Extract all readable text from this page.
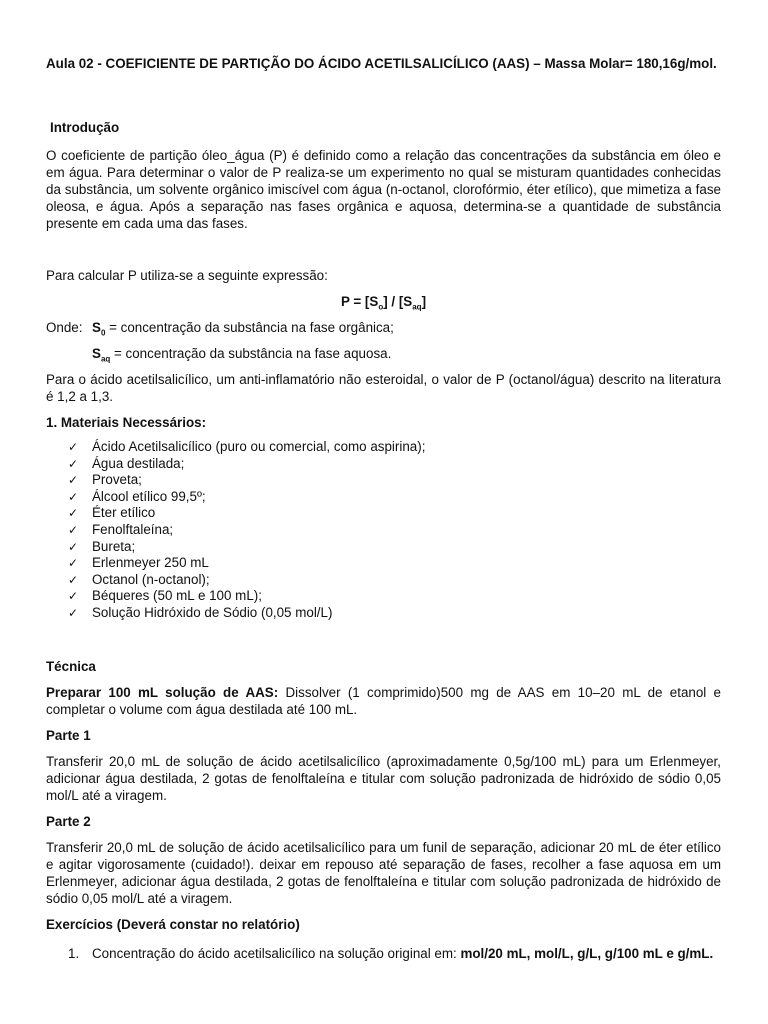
Aula 02 - COEFICIENTE DE PARTIÇÃO DO ÁCIDO ACETILSALICÍLICO (AAS) – Massa Molar= 180,16g/mol.

Introdução

O coeficiente de partição óleo_água (P) é definido como a relação das concentrações da substância em óleo e em água. Para determinar o valor de P realiza-se um experimento no qual se misturam quantidades conhecidas da substância, um solvente orgânico imiscível com água (n-octanol, clorofórmio, éter etílico), que mimetiza a fase oleosa, e água. Após a separação nas fases orgânica e aquosa, determina-se a quantidade de substância presente em cada uma das fases.

Para calcular P utiliza-se a seguinte expressão:

$P = [S_o] / [S_{aq}]$

Onde: $S_0$ = concentração da substância na fase orgânica;

$S_{aq}$ = concentração da substância na fase aquosa.

Para o ácido acetilsalicílico, um anti-inflamatório não esteroidal, o valor de P (octanol/água) descrito na literatura é 1,2 a 1,3.

1. Materiais Necessários:

✓ Ácido Acetilsalicílico (puro ou comercial, como aspirina);
✓ Água destilada;
✓ Proveta;
✓ Álcool etílico 99,5º;
✓ Éter etílico
✓ Fenolftaleína;
✓ Bureta;
✓ Erlenmeyer 250 mL
✓ Octanol (n-octanol);
✓ Béqueres (50 mL e 100 mL);
✓ Solução Hidróxido de Sódio (0,05 mol/L)

Técnica

Preparar 100 mL solução de AAS: Dissolver (1 comprimido)500 mg de AAS em 10–20 mL de etanol e completar o volume com água destilada até 100 mL.

Parte 1

Transferir 20,0 mL de solução de ácido acetilsalicílico (aproximadamente 0,5g/100 mL) para um Erlenmeyer, adicionar água destilada, 2 gotas de fenolftaleína e titular com solução padronizada de hidróxido de sódio 0,05 mol/L até a viragem.

Parte 2

Transferir 20,0 mL de solução de ácido acetilsalicílico para um funil de separação, adicionar 20 mL de éter etílico e agitar vigorosamente (cuidado!). deixar em repouso até separação de fases, recolher a fase aquosa em um Erlenmeyer, adicionar água destilada, 2 gotas de fenolftaleína e titular com solução padronizada de hidróxido de sódio 0,05 mol/L até a viragem.

Exercícios (Deverá constar no relatório)

1. Concentração do ácido acetilsalicílico na solução original em: mol/20 mL, mol/L, g/L, g/100 mL e g/mL.
